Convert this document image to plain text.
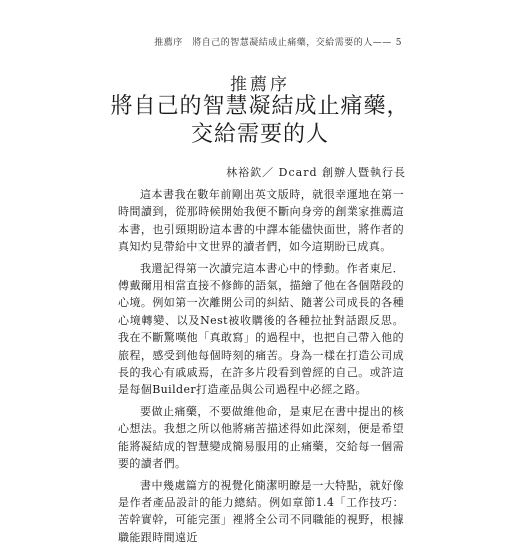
推薦序　將自己的智慧凝結成止痛藥，交給需要的人—— 5
推薦序
將自己的智慧凝結成止痛藥，
交給需要的人
林裕欽／ Dcard 創辦人暨執行長

這本書我在數年前剛出英文版時，就很幸運地在第一時間讀到，從那時候開始我便不斷向身旁的創業家推薦這本書，也引頸期盼這本書的中譯本能儘快面世，將作者的真知灼見帶給中文世界的讀者們，如今這期盼已成真。

我還記得第一次讀完這本書心中的悸動。作者東尼．傅戴爾用相當直接不修飾的語氣，描繪了他在各個階段的心境。例如第一次離開公司的糾結、隨著公司成長的各種心境轉變、以及Nest被收購後的各種拉扯對話跟反思。我在不斷驚嘆他「真敢寫」的過程中，也把自己帶入他的旅程，感受到他每個時刻的痛苦。身為一樣在打造公司成長的我心有戚戚焉，在許多片段看到曾經的自己。或許這是每個Builder打造產品與公司過程中必經之路。

要做止痛藥，不要做維他命，是東尼在書中提出的核心想法。我想之所以他將痛苦描述得如此深刻，便是希望能將凝結成的智慧變成簡易服用的止痛藥，交給每一個需要的讀者們。

書中幾處篇方的視覺化簡潔明瞭是一大特點，就好像是作者產品設計的能力總結。例如章節1.4「工作技巧：苦幹實幹，可能完蛋」裡將全公司不同職能的視野，根據職能跟時間遠近
